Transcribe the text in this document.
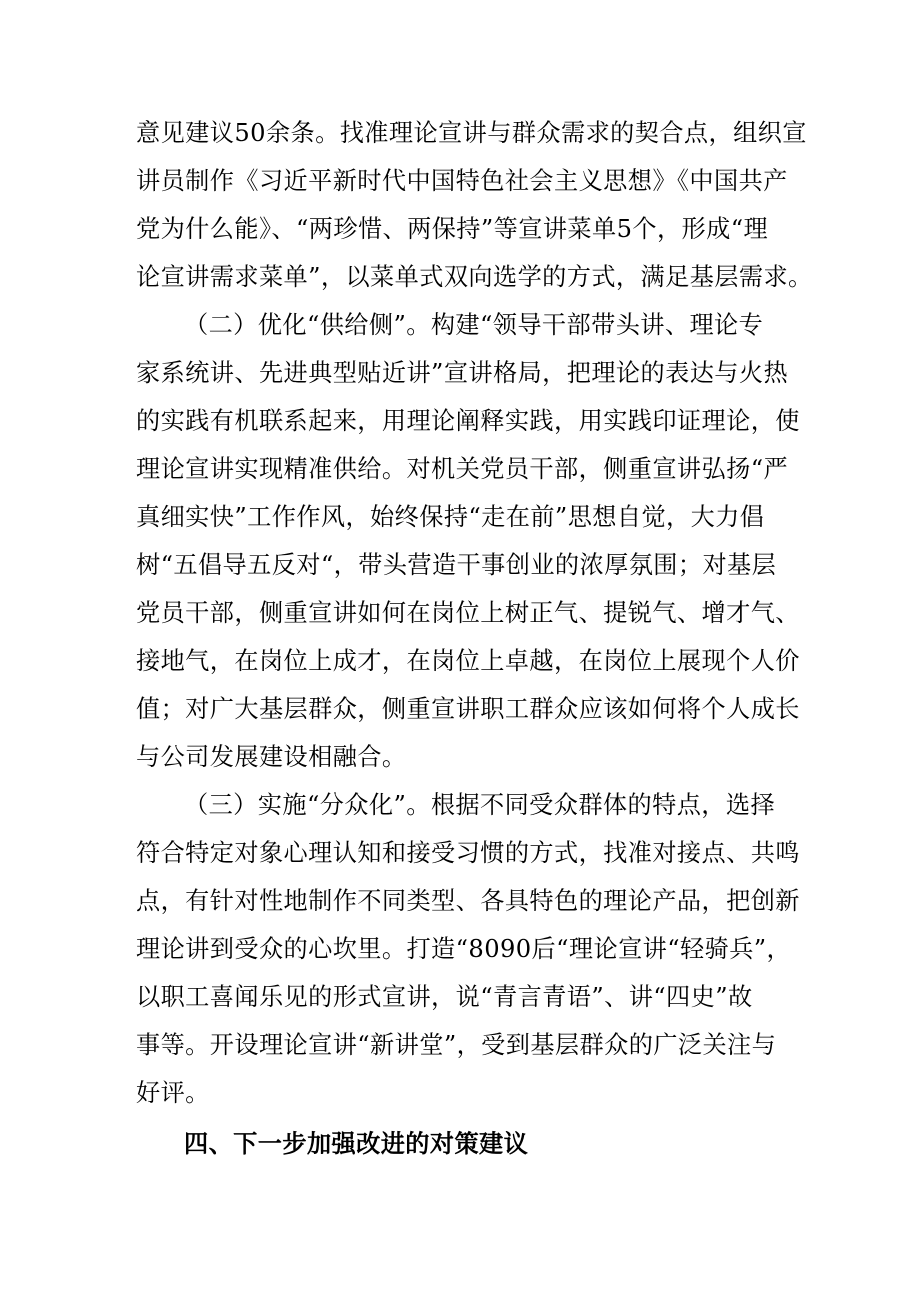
意见建议50余条。找准理论宣讲与群众需求的契合点，组织宣
讲员制作《习近平新时代中国特色社会主义思想》《中国共产
党为什么能》、“两珍惜、两保持”等宣讲菜单5个，形成“理
论宣讲需求菜单”，以菜单式双向选学的方式，满足基层需求。
（二）优化“供给侧”。构建“领导干部带头讲、理论专
家系统讲、先进典型贴近讲”宣讲格局，把理论的表达与火热
的实践有机联系起来，用理论阐释实践，用实践印证理论，使
理论宣讲实现精准供给。对机关党员干部，侧重宣讲弘扬“严
真细实快”工作作风，始终保持“走在前”思想自觉，大力倡
树“五倡导五反对“，带头营造干事创业的浓厚氛围；对基层
党员干部，侧重宣讲如何在岗位上树正气、提锐气、增才气、
接地气，在岗位上成才，在岗位上卓越，在岗位上展现个人价
值；对广大基层群众，侧重宣讲职工群众应该如何将个人成长
与公司发展建设相融合。
（三）实施“分众化”。根据不同受众群体的特点，选择
符合特定对象心理认知和接受习惯的方式，找准对接点、共鸣
点，有针对性地制作不同类型、各具特色的理论产品，把创新
理论讲到受众的心坎里。打造“8090后“理论宣讲“轻骑兵”，
以职工喜闻乐见的形式宣讲，说“青言青语”、讲“四史”故
事等。开设理论宣讲“新讲堂”，受到基层群众的广泛关注与
好评。
四、下一步加强改进的对策建议
